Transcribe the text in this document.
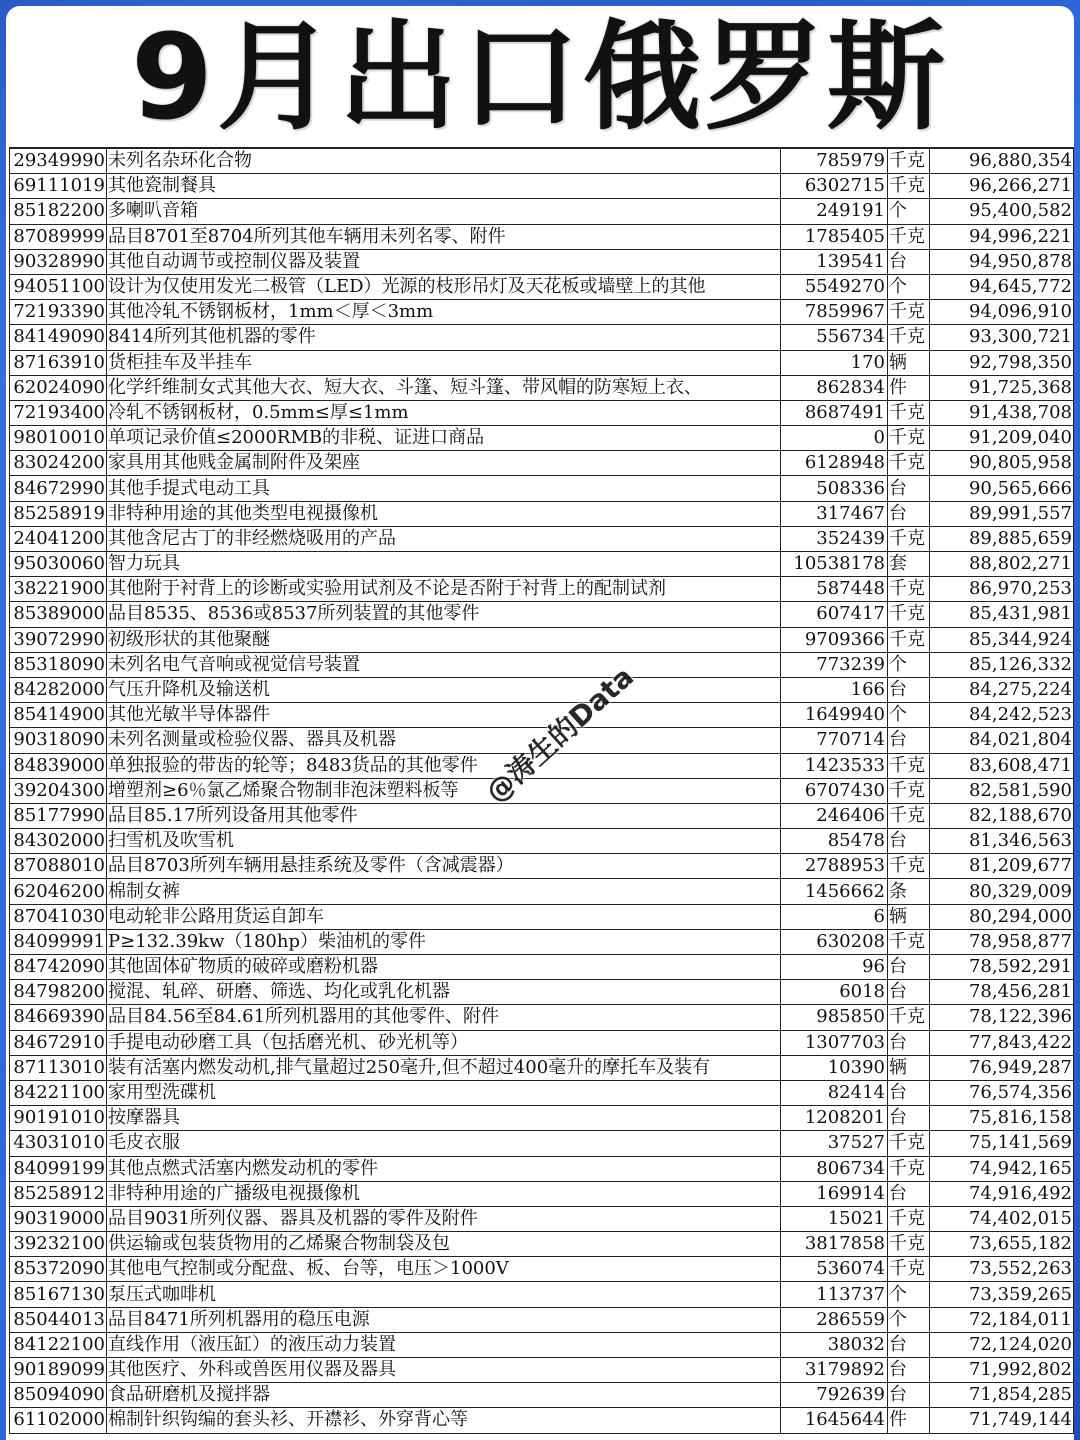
9月出口俄罗斯
29349990	未列名杂环化合物	785979	千克	96,880,354
69111019	其他瓷制餐具	6302715	千克	96,266,271
85182200	多喇叭音箱	249191	个	95,400,582
87089999	品目8701至8704所列其他车辆用未列名零、附件	1785405	千克	94,996,221
90328990	其他自动调节或控制仪器及装置	139541	台	94,950,878
94051100	设计为仅使用发光二极管（LED）光源的枝形吊灯及天花板或墙壁上的其他	5549270	个	94,645,772
72193390	其他冷轧不锈钢板材，1mm＜厚＜3mm	7859967	千克	94,096,910
84149090	8414所列其他机器的零件	556734	千克	93,300,721
87163910	货柜挂车及半挂车	170	辆	92,798,350
62024090	化学纤维制女式其他大衣、短大衣、斗篷、短斗篷、带风帽的防寒短上衣、	862834	件	91,725,368
72193400	冷轧不锈钢板材，0.5mm≤厚≤1mm	8687491	千克	91,438,708
98010010	单项记录价值≤2000RMB的非税、证进口商品	0	千克	91,209,040
83024200	家具用其他贱金属制附件及架座	6128948	千克	90,805,958
84672990	其他手提式电动工具	508336	台	90,565,666
85258919	非特种用途的其他类型电视摄像机	317467	台	89,991,557
24041200	其他含尼古丁的非经燃烧吸用的产品	352439	千克	89,885,659
95030060	智力玩具	10538178	套	88,802,271
38221900	其他附于衬背上的诊断或实验用试剂及不论是否附于衬背上的配制试剂	587448	千克	86,970,253
85389000	品目8535、8536或8537所列装置的其他零件	607417	千克	85,431,981
39072990	初级形状的其他聚醚	9709366	千克	85,344,924
85318090	未列名电气音响或视觉信号装置	773239	个	85,126,332
84282000	气压升降机及输送机	166	台	84,275,224
85414900	其他光敏半导体器件	1649940	个	84,242,523
90318090	未列名测量或检验仪器、器具及机器	770714	台	84,021,804
84839000	单独报验的带齿的轮等；8483货品的其他零件	1423533	千克	83,608,471
39204300	增塑剂≥6％氯乙烯聚合物制非泡沫塑料板等	6707430	千克	82,581,590
85177990	品目85.17所列设备用其他零件	246406	千克	82,188,670
84302000	扫雪机及吹雪机	85478	台	81,346,563
87088010	品目8703所列车辆用悬挂系统及零件（含减震器）	2788953	千克	81,209,677
62046200	棉制女裤	1456662	条	80,329,009
87041030	电动轮非公路用货运自卸车	6	辆	80,294,000
84099991	P≥132.39kw（180hp）柴油机的零件	630208	千克	78,958,877
84742090	其他固体矿物质的破碎或磨粉机器	96	台	78,592,291
84798200	搅混、轧碎、研磨、筛选、均化或乳化机器	6018	台	78,456,281
84669390	品目84.56至84.61所列机器用的其他零件、附件	985850	千克	78,122,396
84672910	手提电动砂磨工具（包括磨光机、砂光机等）	1307703	台	77,843,422
87113010	装有活塞内燃发动机,排气量超过250毫升,但不超过400毫升的摩托车及装有	10390	辆	76,949,287
84221100	家用型洗碟机	82414	台	76,574,356
90191010	按摩器具	1208201	台	75,816,158
43031010	毛皮衣服	37527	千克	75,141,569
84099199	其他点燃式活塞内燃发动机的零件	806734	千克	74,942,165
85258912	非特种用途的广播级电视摄像机	169914	台	74,916,492
90319000	品目9031所列仪器、器具及机器的零件及附件	15021	千克	74,402,015
39232100	供运输或包装货物用的乙烯聚合物制袋及包	3817858	千克	73,655,182
85372090	其他电气控制或分配盘、板、台等，电压＞1000V	536074	千克	73,552,263
85167130	泵压式咖啡机	113737	个	73,359,265
85044013	品目8471所列机器用的稳压电源	286559	个	72,184,011
84122100	直线作用（液压缸）的液压动力装置	38032	台	72,124,020
90189099	其他医疗、外科或兽医用仪器及器具	3179892	台	71,992,802
85094090	食品研磨机及搅拌器	792639	台	71,854,285
61102000	棉制针织钩编的套头衫、开襟衫、外穿背心等	1645644	件	71,749,144
@涛生的Data
